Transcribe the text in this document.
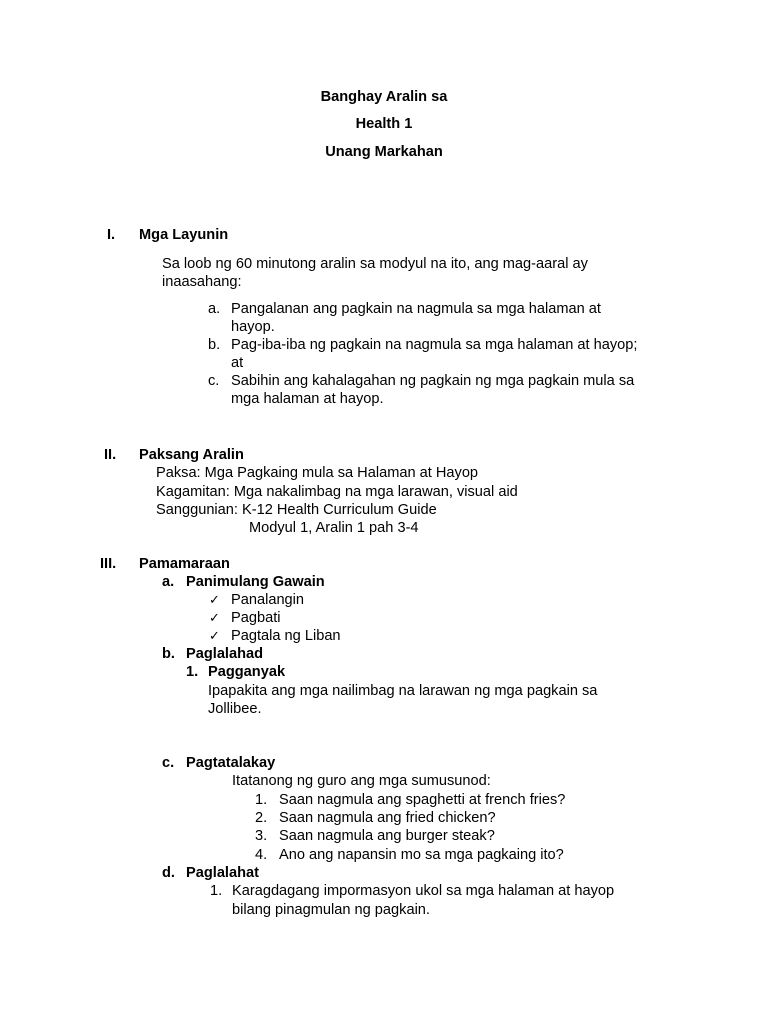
Banghay Aralin sa
Health 1
Unang Markahan
I. Mga Layunin
Sa loob ng 60 minutong aralin sa modyul na ito, ang mag-aaral ay
inaasahang:
a. Pangalanan ang pagkain na nagmula sa mga halaman at
hayop.
b. Pag-iba-iba ng pagkain na nagmula sa mga halaman at hayop;
at
c. Sabihin ang kahalagahan ng pagkain ng mga pagkain mula sa
mga halaman at hayop.
II. Paksang Aralin
Paksa: Mga Pagkaing mula sa Halaman at Hayop
Kagamitan: Mga nakalimbag na mga larawan, visual aid
Sanggunian: K-12 Health Curriculum Guide
Modyul 1, Aralin 1 pah 3-4
III. Pamamaraan
a. Panimulang Gawain
✓ Panalangin
✓ Pagbati
✓ Pagtala ng Liban
b. Paglalahad
1. Pagganyak
Ipapakita ang mga nailimbag na larawan ng mga pagkain sa
Jollibee.
c. Pagtatalakay
Itatanong ng guro ang mga sumusunod:
1. Saan nagmula ang spaghetti at french fries?
2. Saan nagmula ang fried chicken?
3. Saan nagmula ang burger steak?
4. Ano ang napansin mo sa mga pagkaing ito?
d. Paglalahat
1. Karagdagang impormasyon ukol sa mga halaman at hayop
bilang pinagmulan ng pagkain.
